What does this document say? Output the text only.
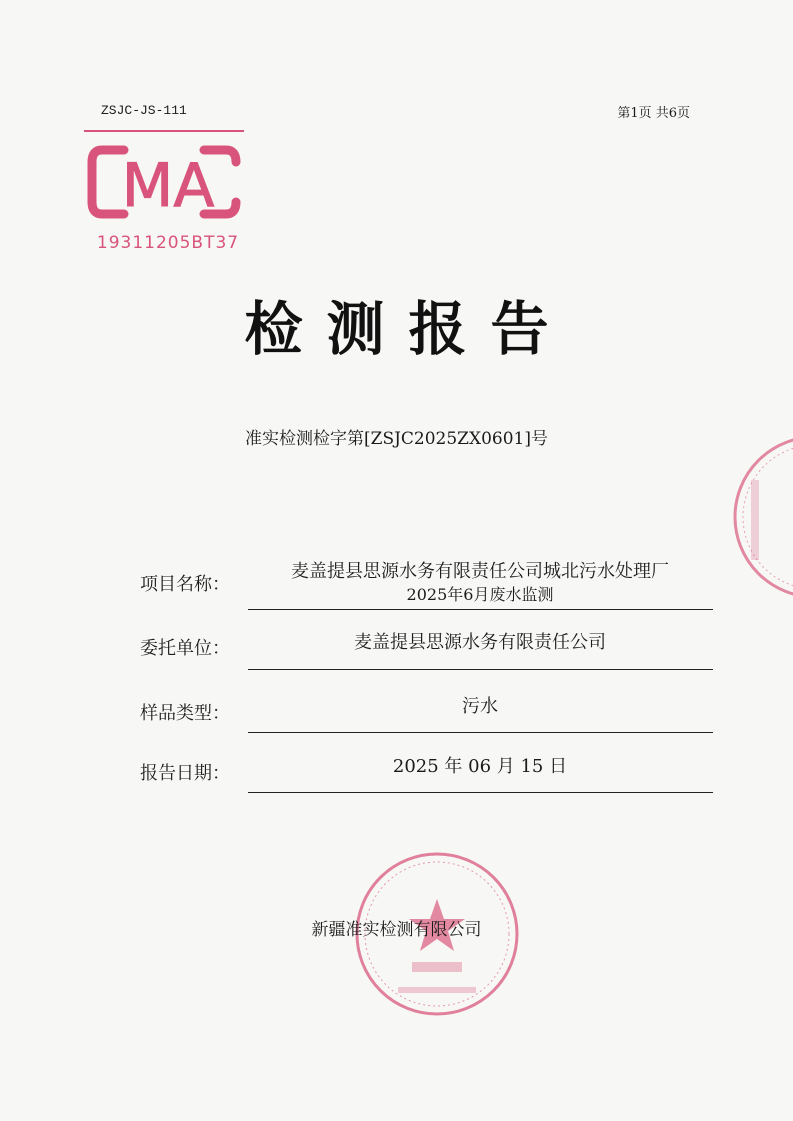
ZSJC-JS-111	第1页 共6页
MA
19311205BT37
检测报告
准实检测检字第[ZSJC2025ZX0601]号
项目名称：
麦盖提县思源水务有限责任公司城北污水处理厂
2025年6月废水监测
委托单位：	麦盖提县思源水务有限责任公司
样品类型：	污水
报告日期：	2025 年 06 月 15 日
新疆准实检测有限公司
